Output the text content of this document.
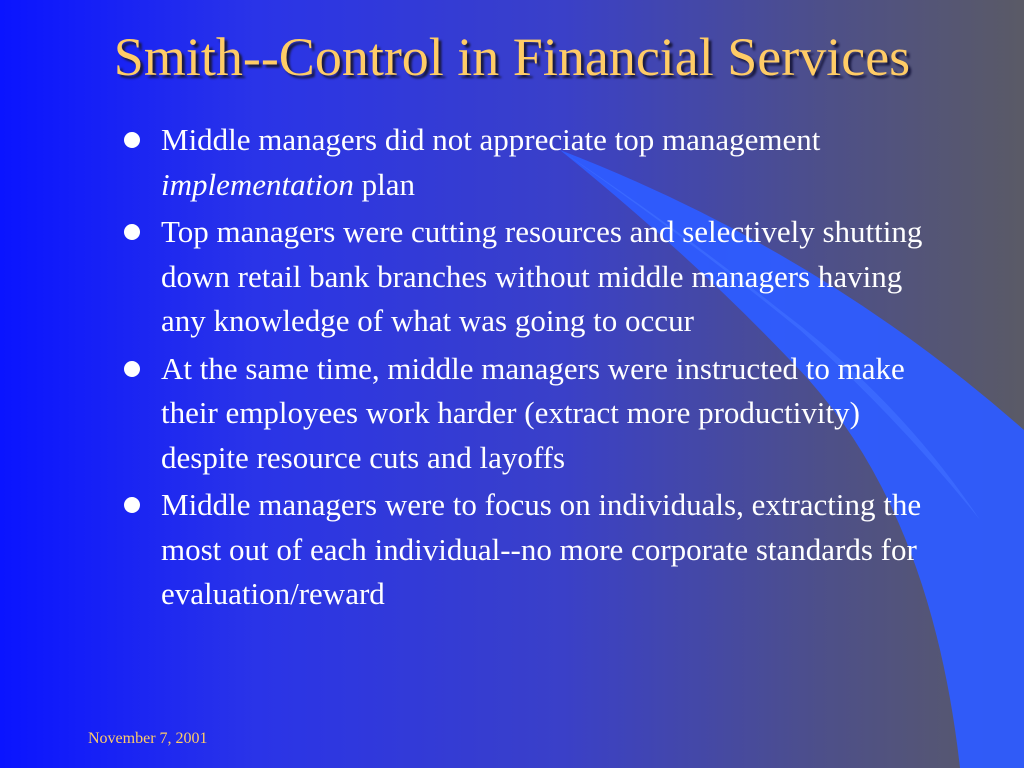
Smith--Control in Financial Services
Middle managers did not appreciate top management implementation plan
Top managers were cutting resources and selectively shutting down retail bank branches without middle managers having any knowledge of what was going to occur
At the same time, middle managers were instructed to make their employees work harder (extract more productivity) despite resource cuts and layoffs
Middle managers were to focus on individuals, extracting the most out of each individual--no more corporate standards for evaluation/reward
November 7, 2001
